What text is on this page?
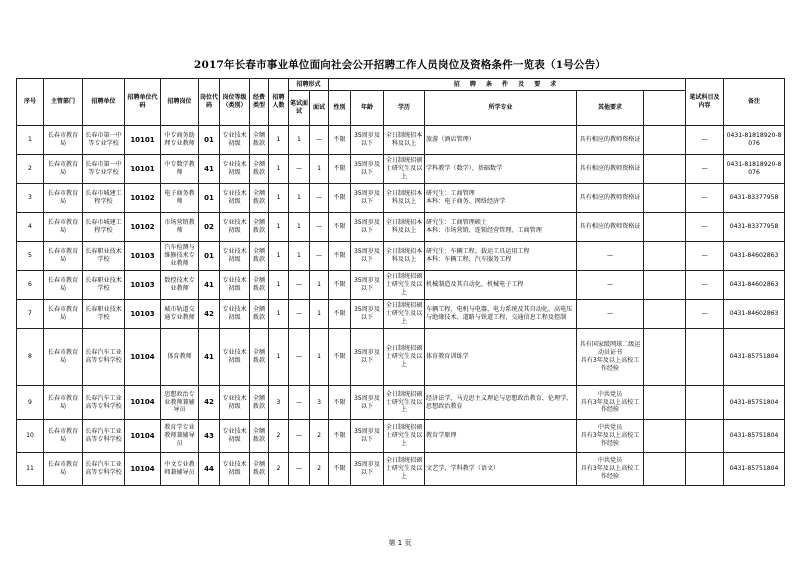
2017年长春市事业单位面向社会公开招聘工作人员岗位及资格条件一览表（1号公告）
序号	主管部门	招聘单位	招聘单位代码	招聘岗位	岗位代码	岗位等级（类别）	经费类型	招聘人数	招聘形式		招 聘 条 件 及 要 求						笔试科目及内容	备注	
									笔试面试	面试	性别	年龄	学历	所学专业	其他要求				
1	长春市教育局	长春市第一中等专业学校	10101	中专商务助理专业教师	01	专业技术初级	全额拨款	1	1	—	不限	35周岁及以下	全日制统招本科及以上	旅游（酒店管理）	具有相应的教师资格证		—	0431-81818920-8076	
2	长春市教育局	长春市第一中等专业学校	10101	中专数学教师	41	专业技术初级	全额拨款	1	—	1	不限	35周岁及以下	全日制统招硕士研究生及以上	学科教学（数学）、基础数学	具有相应的教师资格证		—	0431-81818920-8076	
3	长春市教育局	长春市城建工程学校	10102	电子商务教师	01	专业技术初级	全额拨款	1	1	—	不限	35周岁及以下	全日制统招本科及以上	研究生：工商管理
本科：电子商务、网络经济学	具有相应的教师资格证		—	0431-83377958	
4	长春市教育局	长春市城建工程学校	10102	市场营销教师	02	专业技术初级	全额拨款	1	1	—	不限	35周岁及以下	全日制统招本科及以上	研究生：工商管理硕士
本科：市场营销、连锁经营管理、工商管理	具有相应的教师资格证		—	0431-83377958	
5	长春市教育局	长春职业技术学校	10103	汽车检测与维修技术专业教师	01	专业技术初级	全额拨款	1	1	—	不限	35周岁及以下	全日制统招本科及以上	研究生：车辆工程、载运工具运用工程
本科：车辆工程、汽车服务工程	—		—	0431-84602863	
6	长春市教育局	长春职业技术学校	10103	数控技术专业教师	41	专业技术初级	全额拨款	1	—	1	不限	35周岁及以下	全日制统招硕士研究生及以上	机械制造及其自动化、机械电子工程	—		—	0431-84602863	
7	长春市教育局	长春职业技术学校	10103	城市轨道交通专业教师	42	专业技术初级	全额拨款	1	—	1	不限	35周岁及以下	全日制统招硕士研究生及以上	车辆工程、电机与电器、电力系统及其自动化、高电压与绝缘技术、道路与铁道工程、交通信息工程及控制	—		—	0431-84602863	
8	长春市教育局	长春汽车工业高等专科学校	10104	体育教师	41	专业技术初级	全额拨款	1	—	1	不限	35周岁及以下	全日制统招硕士研究生及以上	体育教育训练学	具有国家级网球二级运动员证书
具有3年及以上高校工作经验			0431-85751804	
9	长春市教育局	长春汽车工业高等专科学校	10104	思想政治专业教师兼辅导员	42	专业技术初级	全额拨款	3	—	3	不限	35周岁及以下	全日制统招硕士研究生及以上	经济法学、马克思主义理论与思想政治教育、伦理学、思想政治教育	中共党员
具有3年及以上高校工作经验			0431-85751804	
10	长春市教育局	长春汽车工业高等专科学校	10104	教育学专业教师兼辅导员	43	专业技术初级	全额拨款	2	—	2	不限	35周岁及以下	全日制统招硕士研究生及以上	教育学原理	中共党员
具有3年及以上高校工作经验			0431-85751804	
11	长春市教育局	长春汽车工业高等专科学校	10104	中文专业教师兼辅导员	44	专业技术初级	全额拨款	2	—	2	不限	35周岁及以下	全日制统招硕士研究生及以上	文艺学、学科教学（语文）	中共党员
具有3年及以上高校工作经验			0431-85751804	
第 1 页
